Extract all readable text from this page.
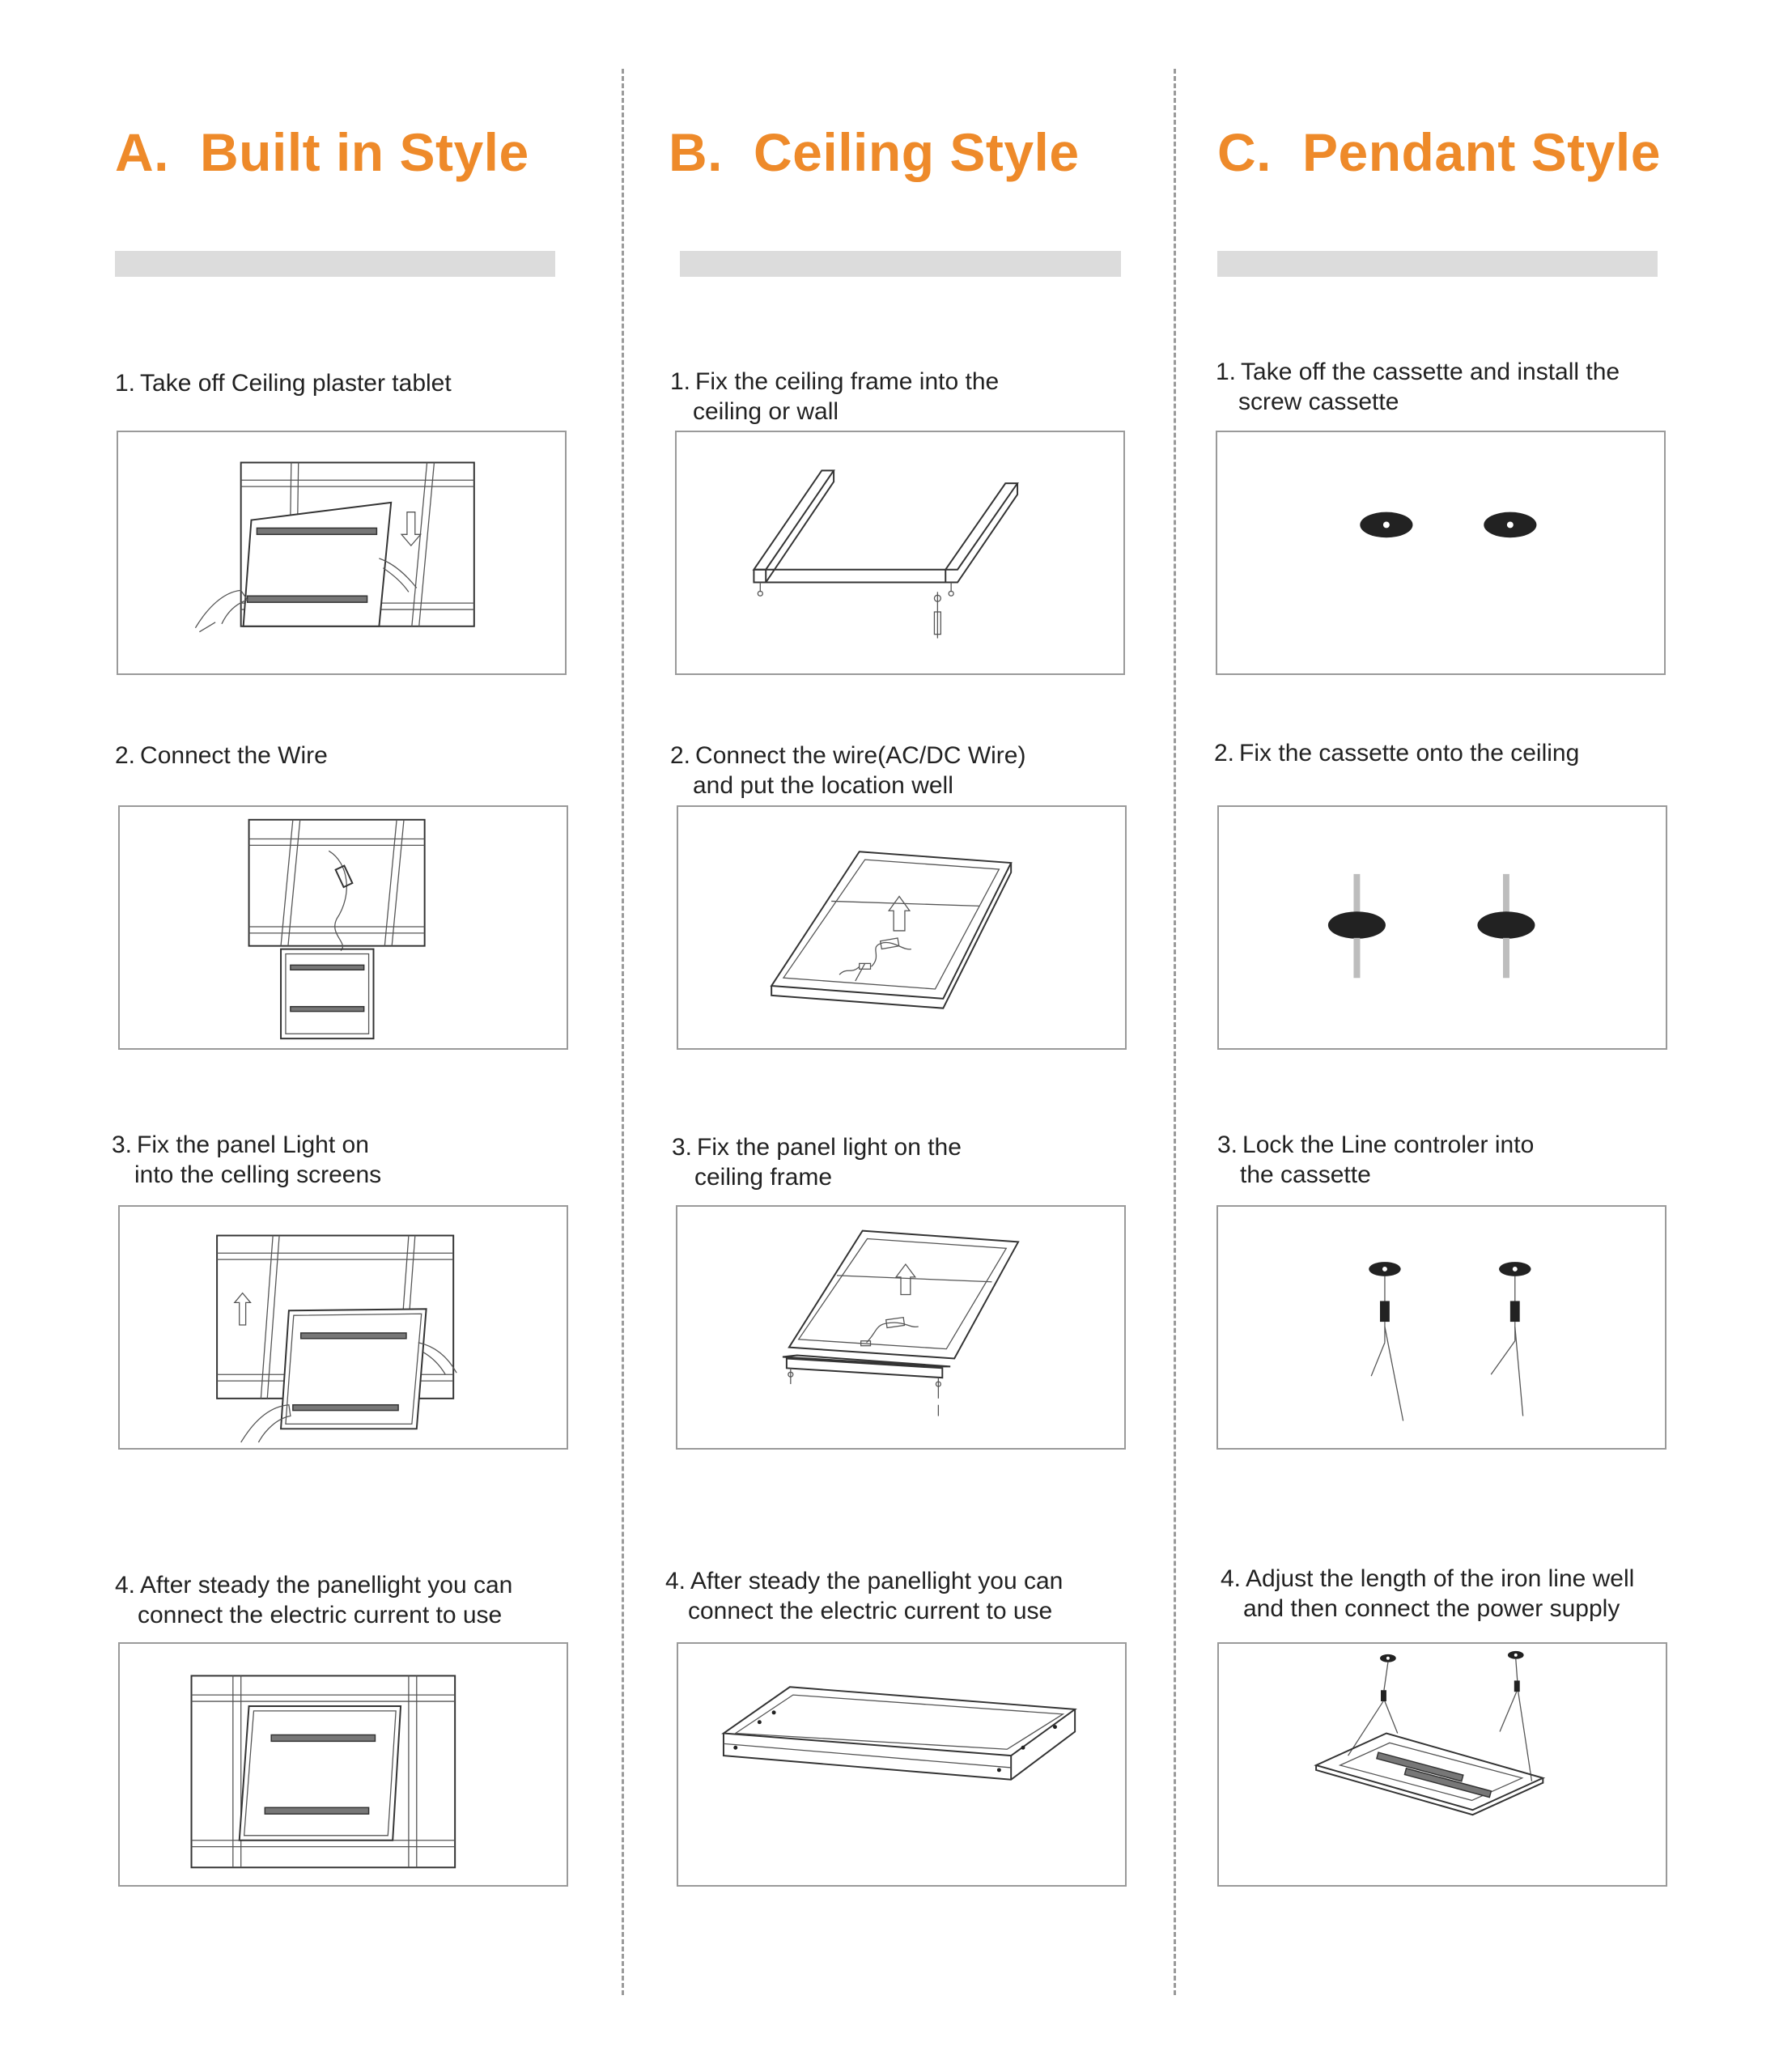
A. Built in Style
1. Take off Ceiling plaster tablet
2. Connect the Wire
3. Fix the panel Light on
into the celling screens
4. After steady the panellight you can
connect the electric current to use
B. Ceiling Style
1. Fix the ceiling frame into the
ceiling or wall
2. Connect the wire(AC/DC Wire)
and put the location well
3. Fix the panel light on the
ceiling frame
4. After steady the panellight you can
connect the electric current to use
C. Pendant Style
1. Take off the cassette and install the
screw cassette
2. Fix the cassette onto the ceiling
3. Lock the Line controler into
the cassette
4. Adjust the length of the iron line well
and then connect the power supply
